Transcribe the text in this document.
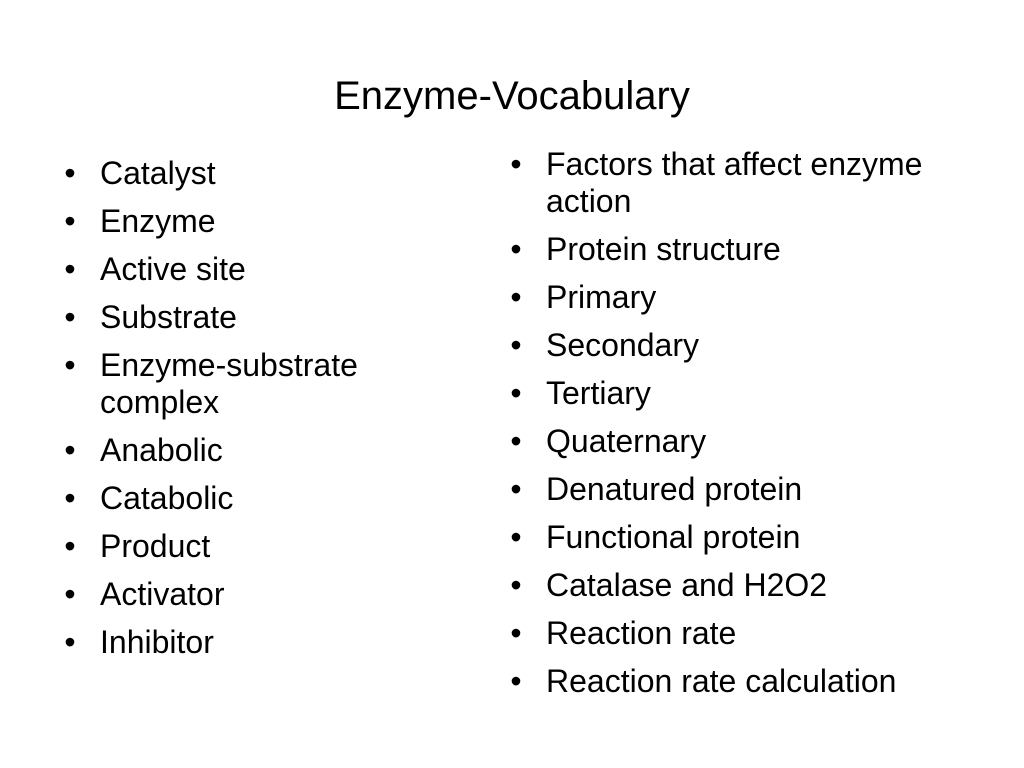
Enzyme-Vocabulary
• Catalyst
• Enzyme
• Active site
• Substrate
• Enzyme-substrate complex
• Anabolic
• Catabolic
• Product
• Activator
• Inhibitor
• Factors that affect enzyme action
• Protein structure
• Primary
• Secondary
• Tertiary
• Quaternary
• Denatured protein
• Functional protein
• Catalase and H2O2
• Reaction rate
• Reaction rate calculation
